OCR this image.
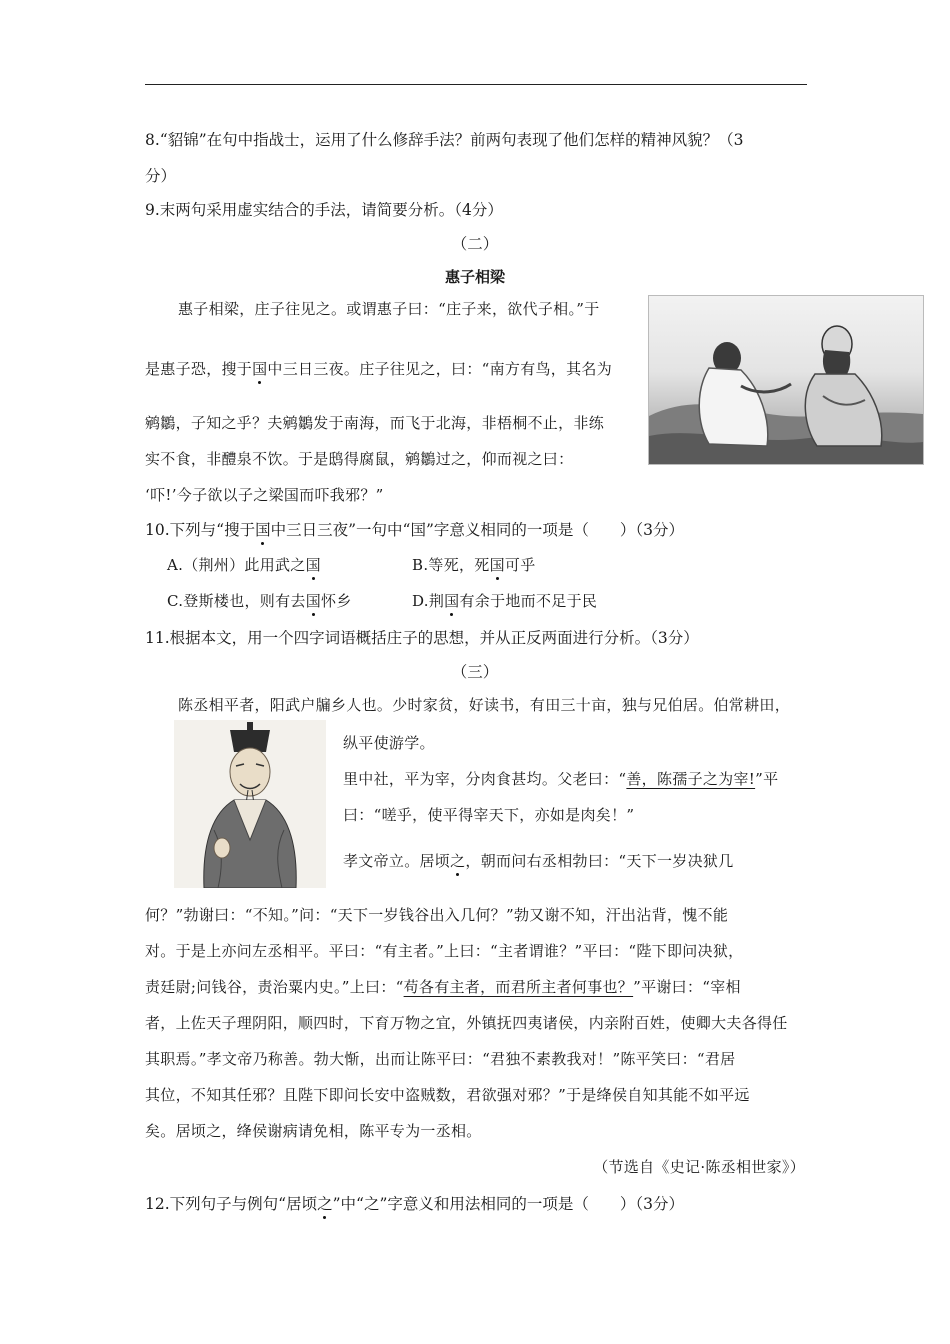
8.“貂锦”在句中指战士，运用了什么修辞手法？前两句表现了他们怎样的精神风貌？（3
分）
9.末两句采用虚实结合的手法，请简要分析。（4分）
（二）
惠子相梁
惠子相梁，庄子往见之。或谓惠子曰：“庄子来，欲代子相。”于
是惠子恐，搜于国中三日三夜。庄子往见之，曰：“南方有鸟，其名为
鹓鶵，子知之乎？夫鹓鶵发于南海，而飞于北海，非梧桐不止，非练
实不食，非醴泉不饮。于是鸱得腐鼠，鹓鶵过之，仰而视之曰：
‘吓!’今子欲以子之梁国而吓我邪？”
10.下列与“搜于国中三日三夜”一句中“国”字意义相同的一项是（　　）（3分）
A.（荆州）此用武之国	B.等死，死国可乎
C.登斯楼也，则有去国怀乡	D.荆国有余于地而不足于民
11.根据本文，用一个四字词语概括庄子的思想，并从正反两面进行分析。（3分）
（三）
陈丞相平者，阳武户牖乡人也。少时家贫，好读书，有田三十亩，独与兄伯居。伯常耕田，
纵平使游学。
里中社，平为宰，分肉食甚均。父老曰：“善，陈孺子之为宰!”平
曰：“嗟乎，使平得宰天下，亦如是肉矣！”
孝文帝立。居顷之，朝而问右丞相勃曰：“天下一岁决狱几
何？”勃谢曰：“不知。”问：“天下一岁钱谷出入几何？”勃又谢不知，汗出沾背，愧不能
对。于是上亦问左丞相平。平曰：“有主者。”上曰：“主者谓谁？”平曰：“陛下即问决狱，
责廷尉;问钱谷，责治粟内史。”上曰：“苟各有主者，而君所主者何事也？”平谢曰：“宰相
者，上佐天子理阴阳，顺四时，下育万物之宜，外镇抚四夷诸侯，内亲附百姓，使卿大夫各得任
其职焉。”孝文帝乃称善。勃大惭，出而让陈平曰：“君独不素教我对！”陈平笑曰：“君居
其位，不知其任邪？且陛下即问长安中盗贼数，君欲强对邪？”于是绛侯自知其能不如平远
矣。居顷之，绛侯谢病请免相，陈平专为一丞相。
（节选自《史记·陈丞相世家》）
12.下列句子与例句“居顷之”中“之”字意义和用法相同的一项是（　　）（3分）
